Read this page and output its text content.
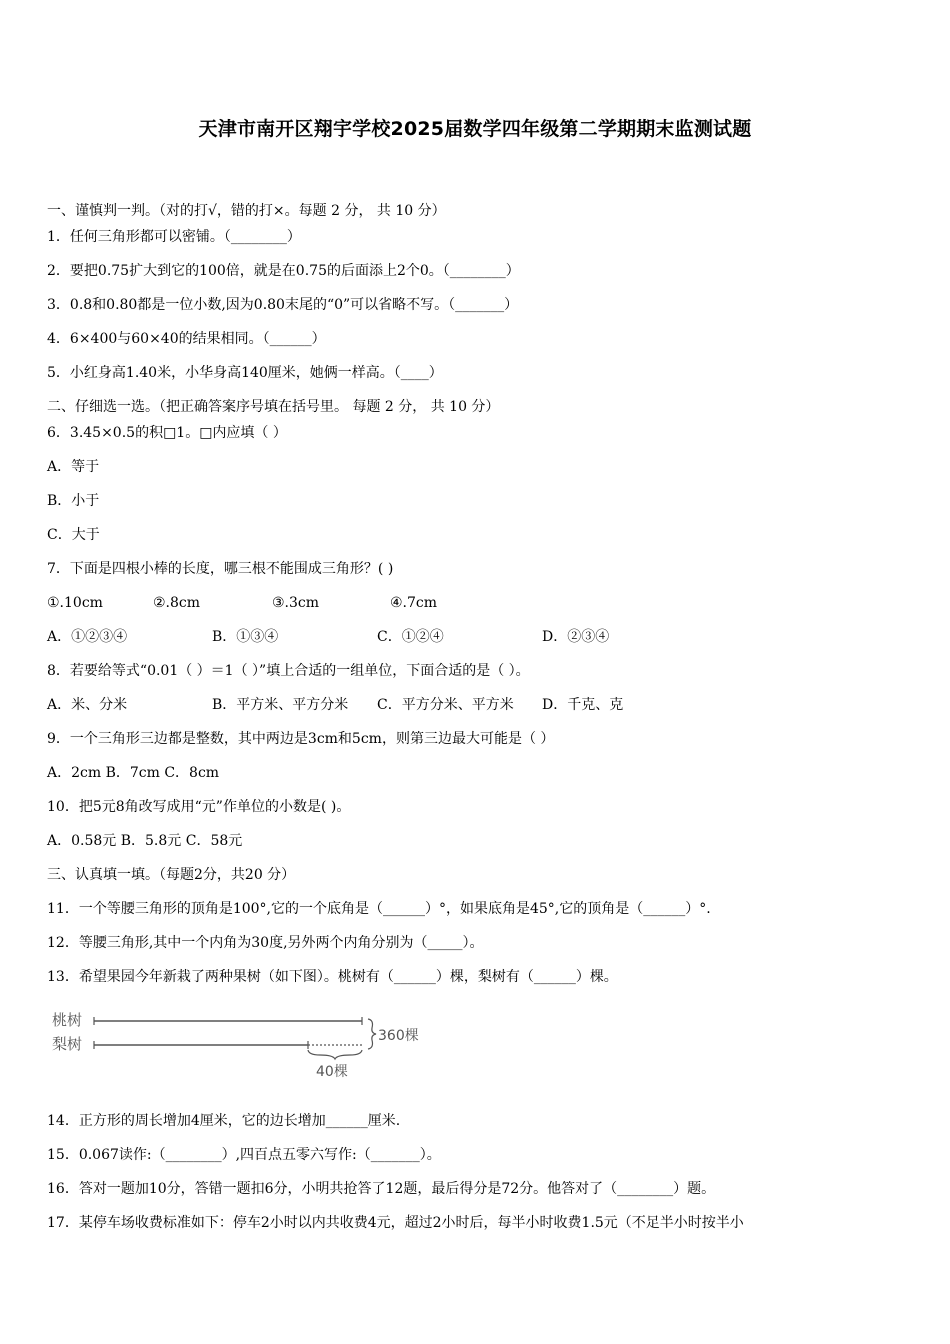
天津市南开区翔宇学校2025届数学四年级第二学期期末监测试题
一、谨慎判一判。（对的打√，错的打×。每题 2 分， 共 10 分）
1．任何三角形都可以密铺。（________）
2．要把0.75扩大到它的100倍，就是在0.75的后面添上2个0。（________）
3．0.8和0.80都是一位小数,因为0.80末尾的“0”可以省略不写。（_______）
4．6×400与60×40的结果相同。（______）
5．小红身高1.40米，小华身高140厘米，她俩一样高。（____）
二、仔细选一选。（把正确答案序号填在括号里。 每题 2 分， 共 10 分）
6．3.45×0.5的积□1。□内应填（ ）
A．等于
B．小于
C．大于
7．下面是四根小棒的长度，哪三根不能围成三角形？( )
①.10cm	②.8cm	③.3cm	④.7cm
A．①②③④	B．①③④	C．①②④	D．②③④
8．若要给等式“0.01（ ）＝1（ ）”填上合适的一组单位，下面合适的是（ ）。
A．米、分米	B．平方米、平方分米 C．平方分米、平方米 D．千克、克
9．一个三角形三边都是整数，其中两边是3cm和5cm，则第三边最大可能是（ ）
A．2cm B．7cm C．8cm
10．把5元8角改写成用“元”作单位的小数是( )。
A．0.58元 B．5.8元 C．58元
三、认真填一填。（每题2分，共20 分）
11．一个等腰三角形的顶角是100°,它的一个底角是（______）°，如果底角是45°,它的顶角是（______）°.
12．等腰三角形,其中一个内角为30度,另外两个内角分别为（_____）。
13．希望果园今年新栽了两种果树（如下图）。桃树有（______）棵，梨树有（______）棵。
桃树
梨树	360棵
40棵
14．正方形的周长增加4厘米，它的边长增加______厘米.
15．0.067读作:（________）,四百点五零六写作:（_______）。
16．答对一题加10分，答错一题扣6分，小明共抢答了12题，最后得分是72分。他答对了（________）题。
17．某停车场收费标准如下：停车2小时以内共收费4元，超过2小时后，每半小时收费1.5元（不足半小时按半小
